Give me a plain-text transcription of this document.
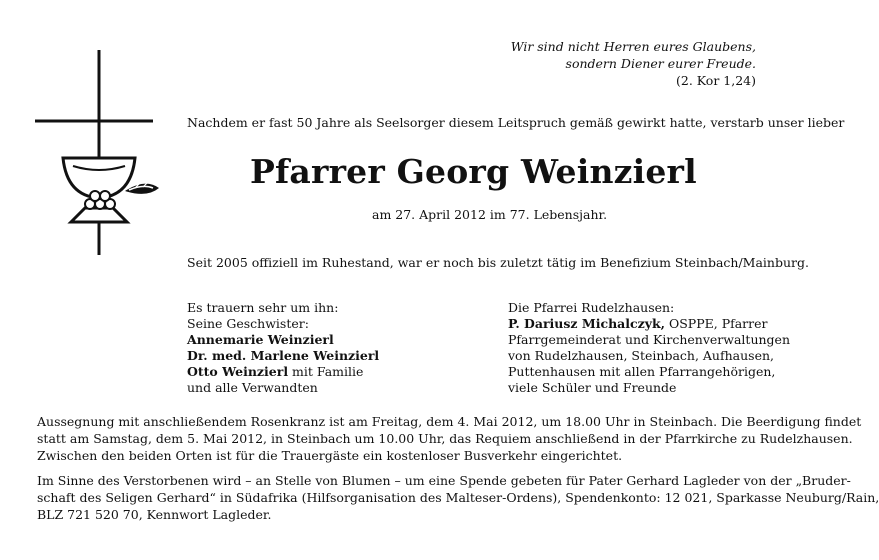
Wir sind nicht Herren eures Glaubens,
sondern Diener eurer Freude.
(2. Kor 1,24)
Nachdem er fast 50 Jahre als Seelsorger diesem Leitspruch gemäß gewirkt hatte, verstarb unser lieber
Pfarrer Georg Weinzierl
am 27. April 2012 im 77. Lebensjahr.
Seit 2005 offiziell im Ruhestand, war er noch bis zuletzt tätig im Benefizium Steinbach/Mainburg.
Es trauern sehr um ihn:
Seine Geschwister:
Annemarie Weinzierl
Dr. med. Marlene Weinzierl
Otto Weinzierl mit Familie
und alle Verwandten
Die Pfarrei Rudelzhausen:
P. Dariusz Michalczyk, OSPPE, Pfarrer
Pfarrgemeinderat und Kirchenverwaltungen
von Rudelzhausen, Steinbach, Aufhausen,
Puttenhausen mit allen Pfarrangehörigen,
viele Schüler und Freunde
Aussegnung mit anschließendem Rosenkranz ist am Freitag, dem 4. Mai 2012, um 18.00 Uhr in Steinbach. Die Beerdigung findet
statt am Samstag, dem 5. Mai 2012, in Steinbach um 10.00 Uhr, das Requiem anschließend in der Pfarrkirche zu Rudelzhausen.
Zwischen den beiden Orten ist für die Trauergäste ein kostenloser Busverkehr eingerichtet.
Im Sinne des Verstorbenen wird – an Stelle von Blumen – um eine Spende gebeten für Pater Gerhard Lagleder von der „Bruder-
schaft des Seligen Gerhard“ in Südafrika (Hilfsorganisation des Malteser-Ordens), Spendenkonto: 12 021, Sparkasse Neuburg/Rain,
BLZ 721 520 70, Kennwort Lagleder.
